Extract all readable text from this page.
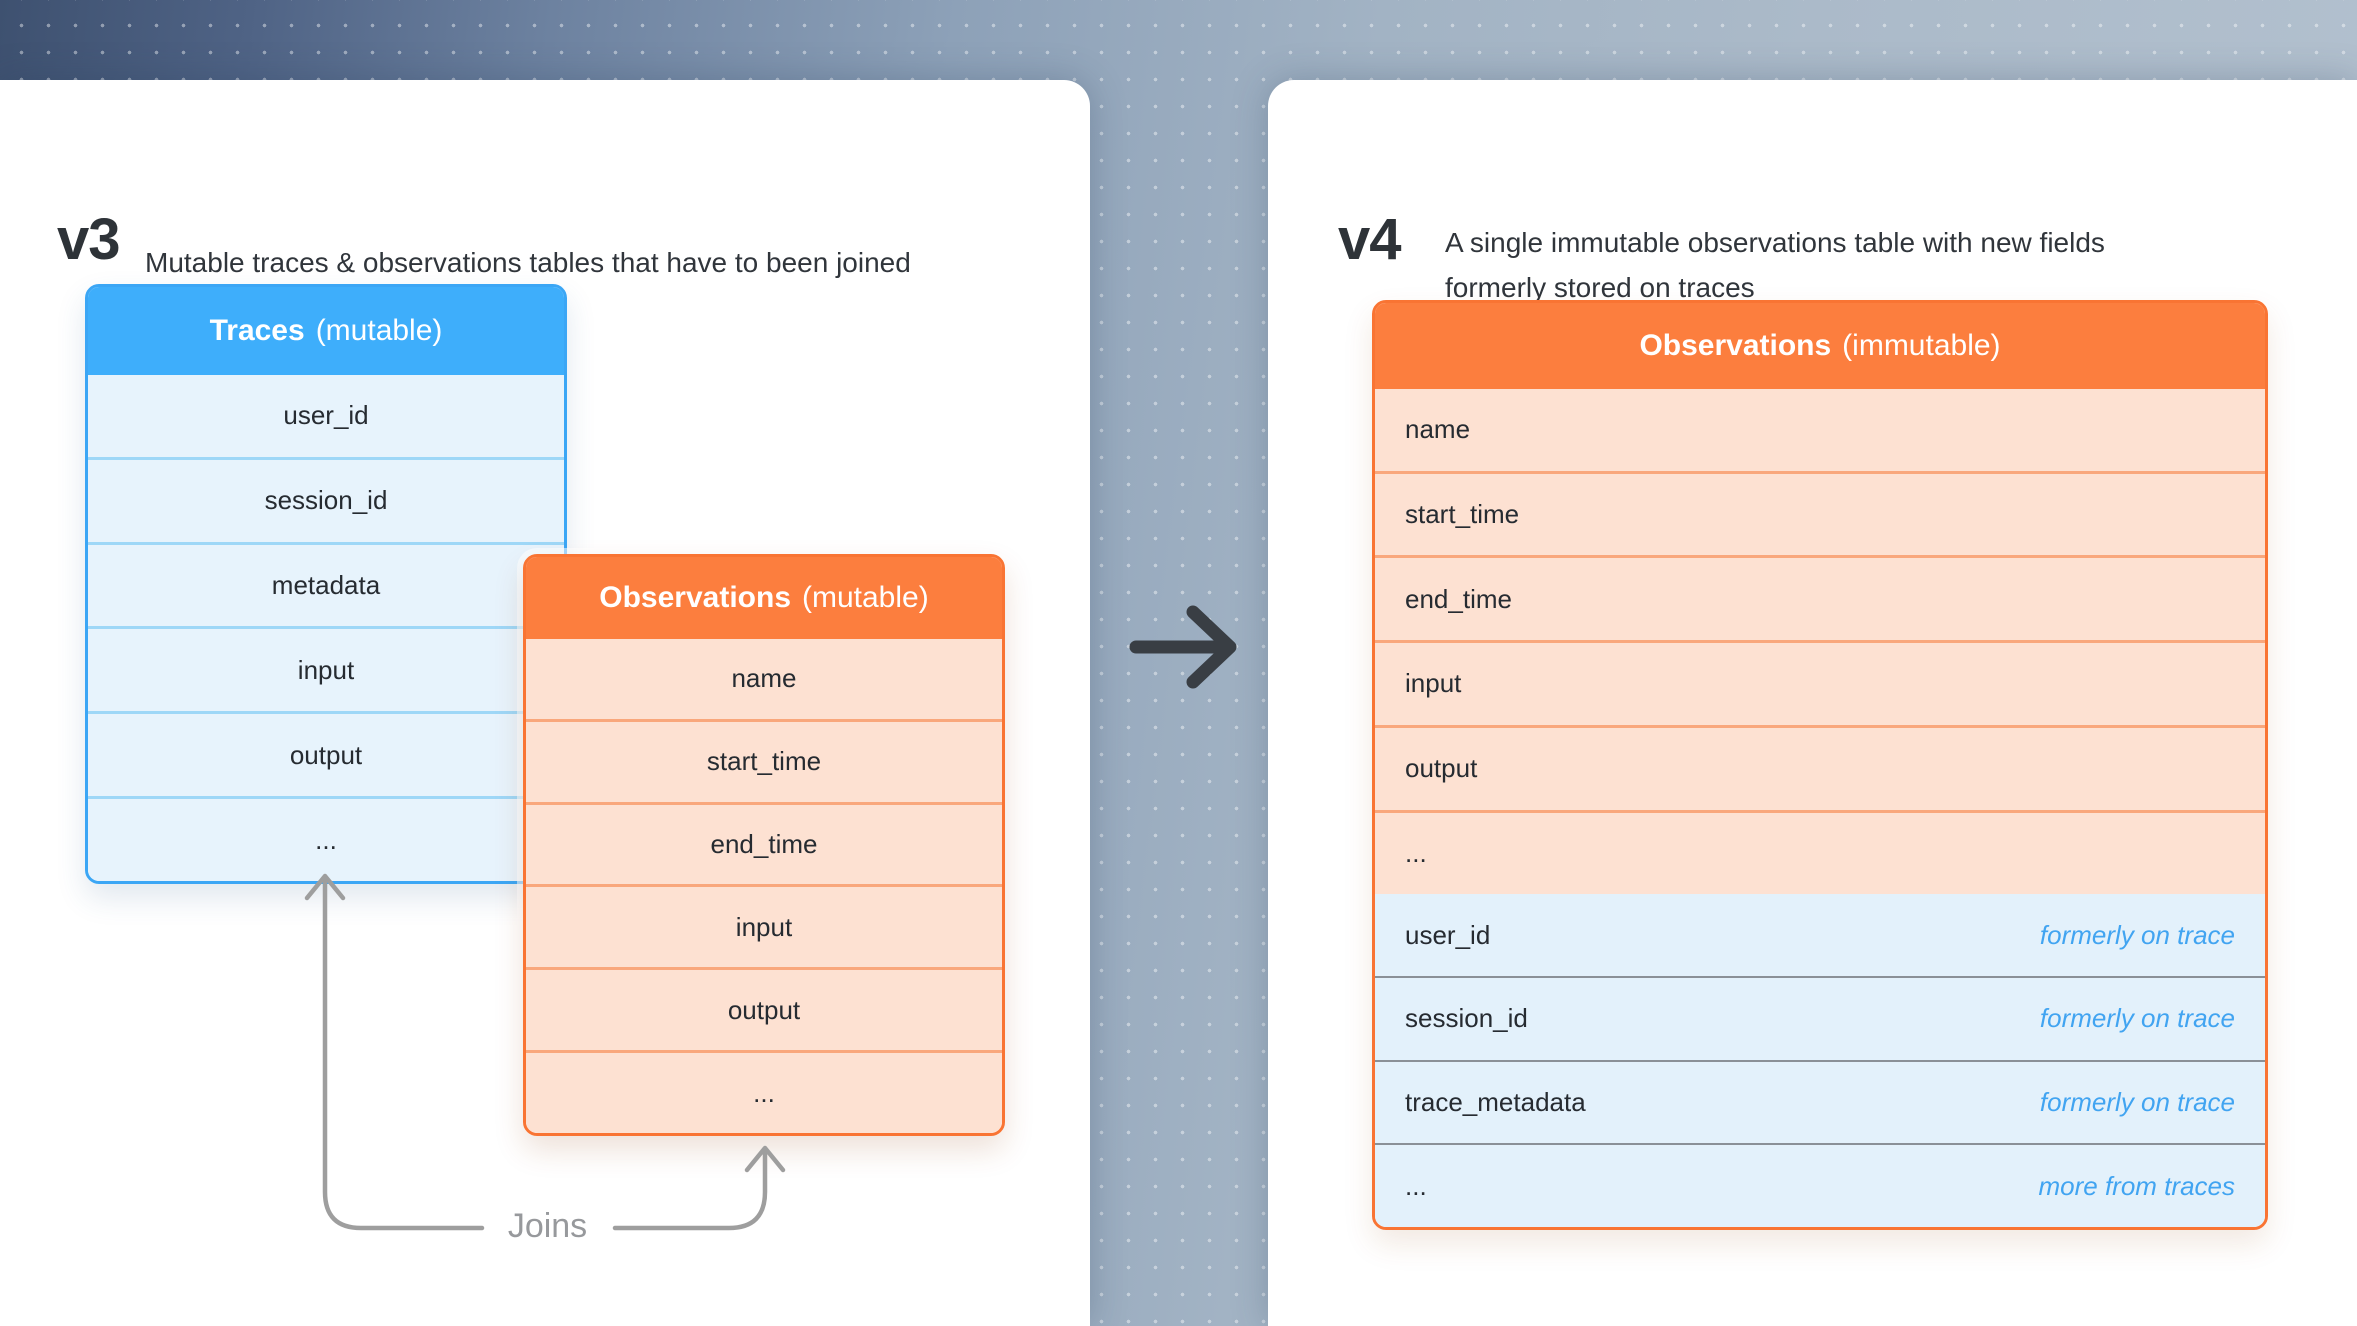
v3 Mutable traces & observations tables that have to been joined	v4 A single immutable observations table with new fields
formerly stored on traces
Traces (mutable)
user_id
session_id
metadata
input
output
...
Observations (mutable)
name
start_time
end_time
input
output
...
Observations (immutable)
name
start_time
end_time
input
output
...
user_id	formerly on trace
session_id	formerly on trace
trace_metadata	formerly on trace
...	more from traces
Joins
